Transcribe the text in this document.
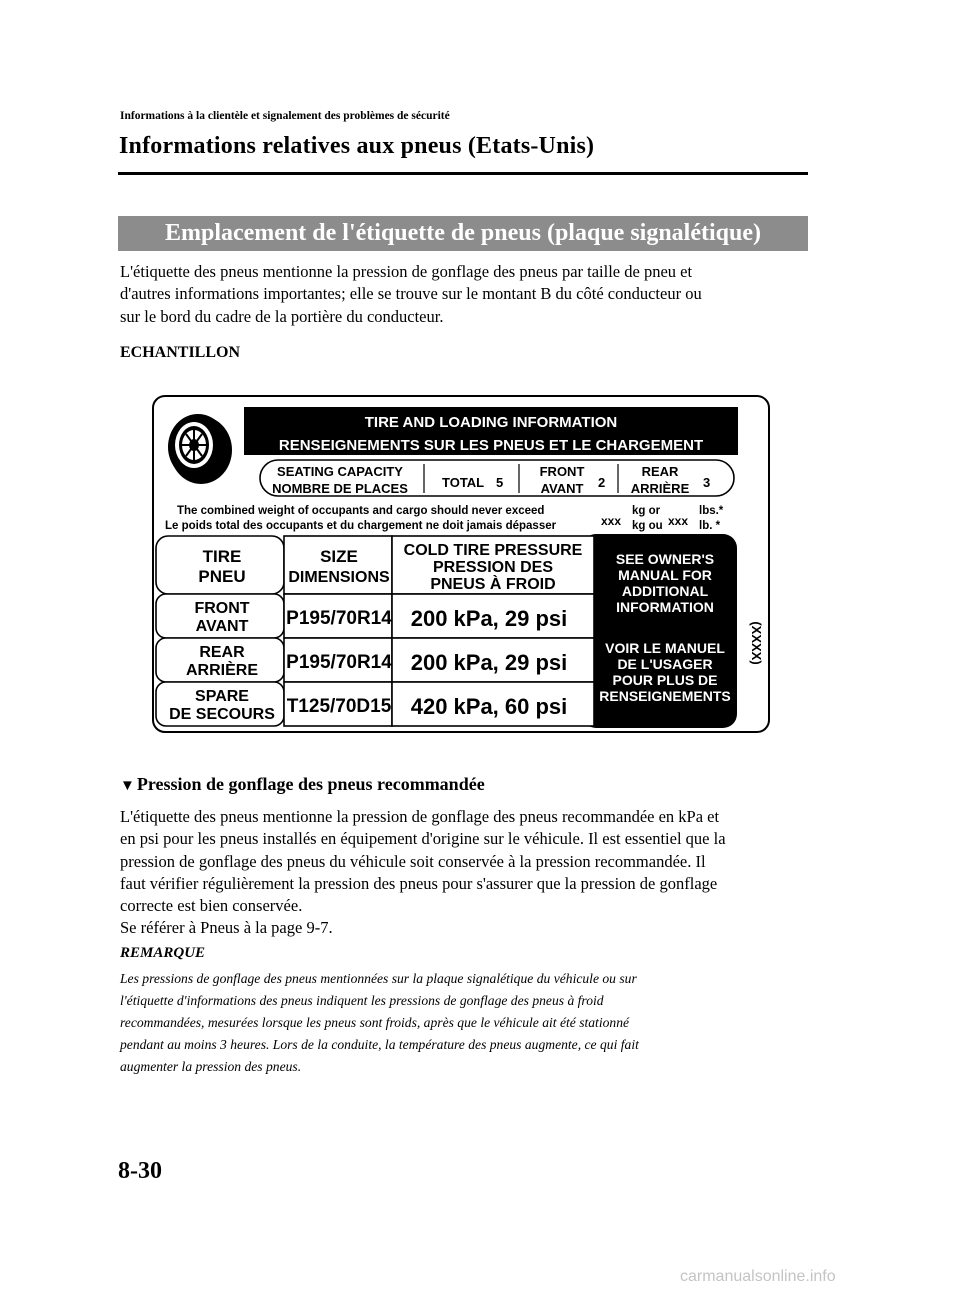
Informations à la clientèle et signalement des problèmes de sécurité
Informations relatives aux pneus (Etats-Unis)
Emplacement de l'étiquette de pneus (plaque signalétique)
L'étiquette des pneus mentionne la pression de gonflage des pneus par taille de pneu et
d'autres informations importantes; elle se trouve sur le montant B du côté conducteur ou
sur le bord du cadre de la portière du conducteur.
ECHANTILLON
TIRE AND LOADING INFORMATION
RENSEIGNEMENTS SUR LES PNEUS ET LE CHARGEMENT
SEATING CAPACITY
NOMBRE DE PLACES	TOTAL 5
FRONT
AVANT 2
REAR
ARRIÈRE 3
The combined weight of occupants and cargo should never exceed
Le poids total des occupants et du chargement ne doit jamais dépasser	xxx
kg or
kg ou xxx
lbs.*
lb. *
TIRE
PNEU
SIZE
DIMENSIONS
COLD TIRE PRESSURE
PRESSION DES
PNEUS À FROID
FRONT
AVANT P195/70R14 200 kPa, 29 psi
REAR
ARRIÈRE P195/70R14 200 kPa, 29 psi
SPARE
DE SECOURS T125/70D15 420 kPa, 60 psi
SEE OWNER'S
MANUAL FOR
ADDITIONAL
INFORMATION
VOIR LE MANUEL
DE L'USAGER
POUR PLUS DE
RENSEIGNEMENTS
(XXXX)
▼ Pression de gonflage des pneus recommandée
L'étiquette des pneus mentionne la pression de gonflage des pneus recommandée en kPa et
en psi pour les pneus installés en équipement d'origine sur le véhicule. Il est essentiel que la
pression de gonflage des pneus du véhicule soit conservée à la pression recommandée. Il
faut vérifier régulièrement la pression des pneus pour s'assurer que la pression de gonflage
correcte est bien conservée.
Se référer à Pneus à la page 9-7.
REMARQUE
Les pressions de gonflage des pneus mentionnées sur la plaque signalétique du véhicule ou sur
l'étiquette d'informations des pneus indiquent les pressions de gonflage des pneus à froid
recommandées, mesurées lorsque les pneus sont froids, après que le véhicule ait été stationné
pendant au moins 3 heures. Lors de la conduite, la température des pneus augmente, ce qui fait
augmenter la pression des pneus.
8-30
carmanualsonline.info
